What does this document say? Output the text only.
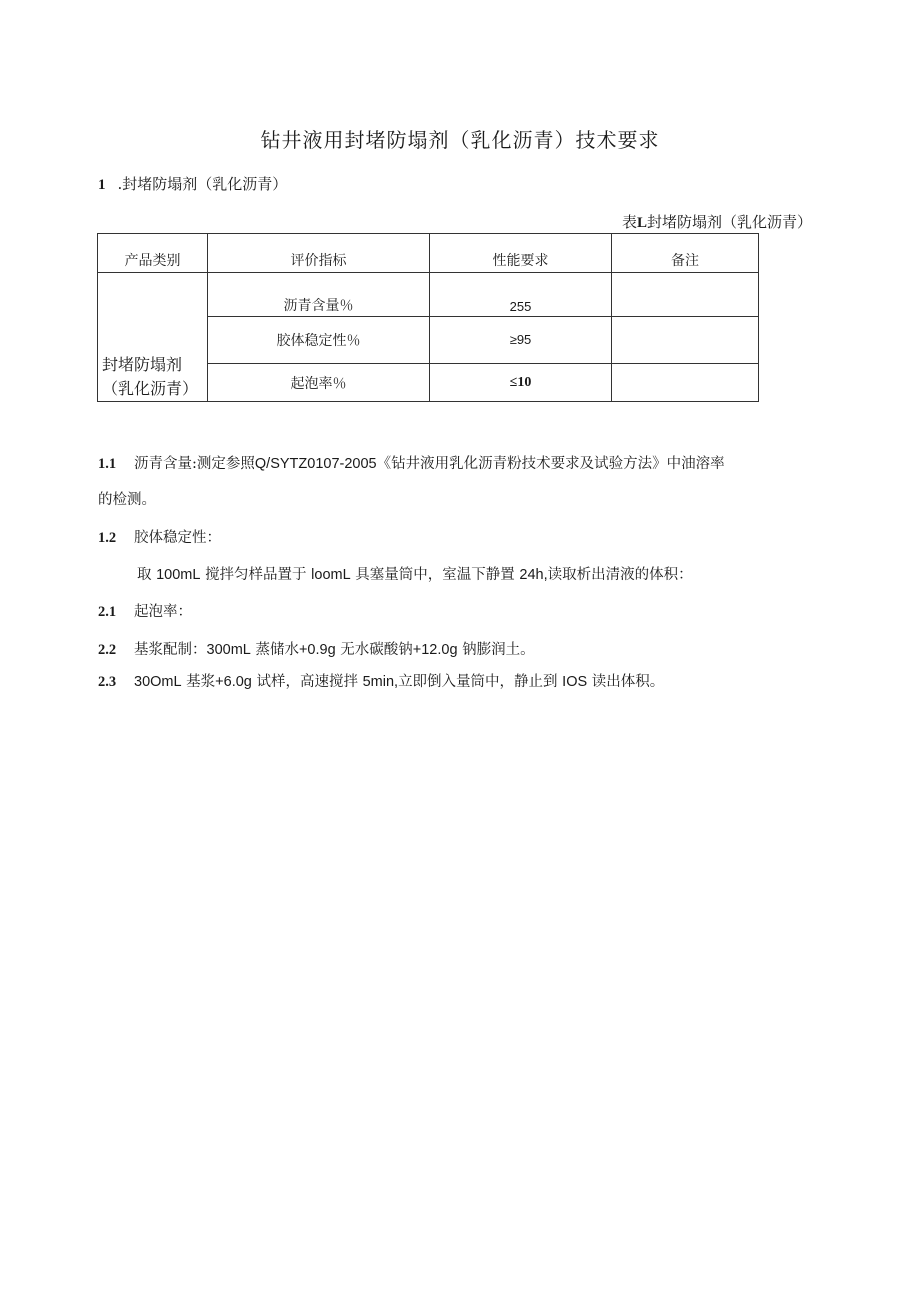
钻井液用封堵防塌剂（乳化沥青）技术要求
1 .封堵防塌剂（乳化沥青）
表L封堵防塌剂（乳化沥青）
产品类别	评价指标	性能要求	备注
封堵防塌剂（乳化沥青）	沥青含量％	255	
	胶体稳定性％	≥95	
	起泡率％	≤10	
1.1 沥青含量:测定参照Q/SYTZ0107-2005《钻井液用乳化沥青粉技术要求及试验方法》中油溶率
的检测。
1.2 胶体稳定性：
取 100mL 搅拌匀样品置于 loomL 具塞量筒中，室温下静置 24h,读取析出清液的体积：
2.1 起泡率：
2.2 基浆配制：300mL 蒸储水+0.9g 无水碳酸钠+12.0g 钠膨润土。
2.3 30OmL 基浆+6.0g 试样，高速搅拌 5min,立即倒入量筒中，静止到 IOS 读出体积。
